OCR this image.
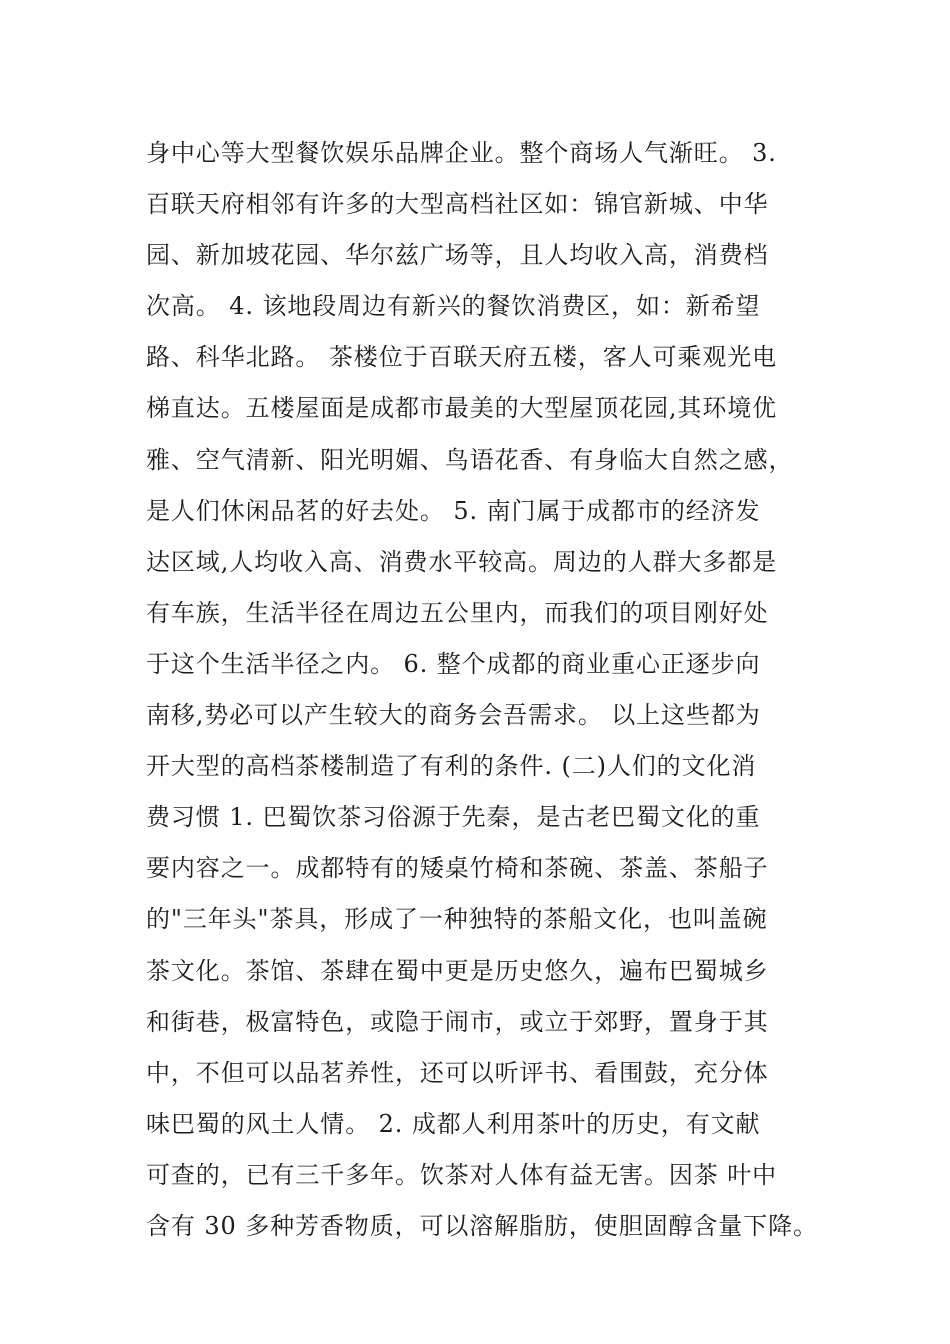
身中心等大型餐饮娱乐品牌企业。整个商场人气渐旺。 3.
百联天府相邻有许多的大型高档社区如：锦官新城、中华
园、新加坡花园、华尔兹广场等，且人均收入高，消费档
次高。 4. 该地段周边有新兴的餐饮消费区，如：新希望
路、科华北路。 茶楼位于百联天府五楼，客人可乘观光电
梯直达。五楼屋面是成都市最美的大型屋顶花园,其环境优
雅、空气清新、阳光明媚、鸟语花香、有身临大自然之感，
是人们休闲品茗的好去处。 5. 南门属于成都市的经济发
达区域,人均收入高、消费水平较高。周边的人群大多都是
有车族，生活半径在周边五公里内，而我们的项目刚好处
于这个生活半径之内。 6. 整个成都的商业重心正逐步向
南移,势必可以产生较大的商务会吾需求。 以上这些都为
开大型的高档茶楼制造了有利的条件. (二)人们的文化消
费习惯 1. 巴蜀饮茶习俗源于先秦，是古老巴蜀文化的重
要内容之一。成都特有的矮桌竹椅和茶碗、茶盖、茶船子
的"三年头"茶具，形成了一种独特的茶船文化，也叫盖碗
茶文化。茶馆、茶肆在蜀中更是历史悠久，遍布巴蜀城乡
和街巷，极富特色，或隐于闹市，或立于郊野，置身于其
中，不但可以品茗养性，还可以听评书、看围鼓，充分体
味巴蜀的风土人情。 2. 成都人利用茶叶的历史，有文献
可查的，已有三千多年。饮茶对人体有益无害。因茶 叶中
含有 30 多种芳香物质，可以溶解脂肪，使胆固醇含量下降。
